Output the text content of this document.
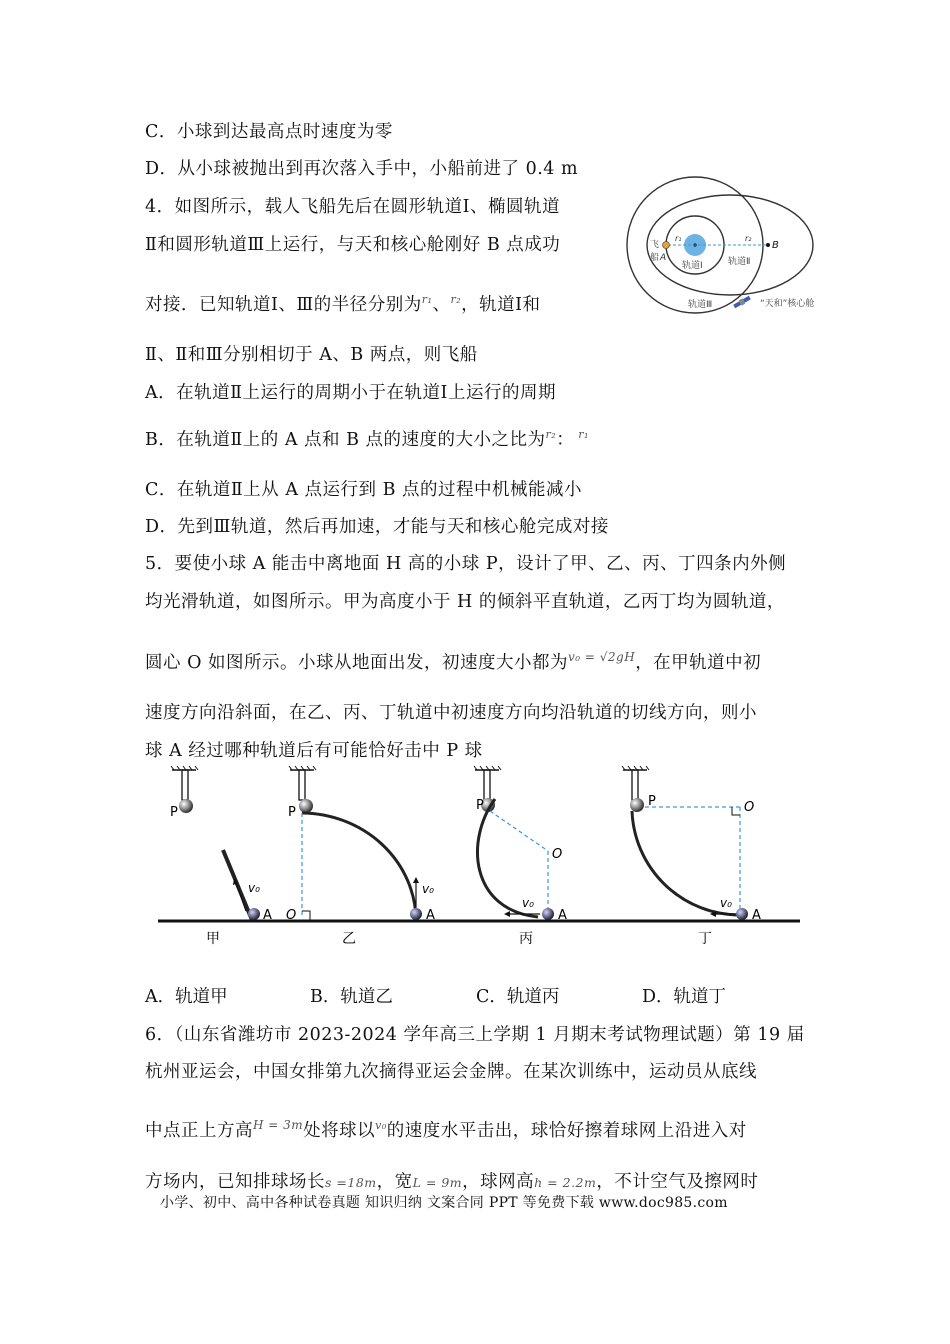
C．小球到达最高点时速度为零
D．从小球被抛出到再次落入手中，小船前进了 0.4 m
4．如图所示，载人飞船先后在圆形轨道Ⅰ、椭圆轨道
Ⅱ和圆形轨道Ⅲ上运行，与天和核心舱刚好 B 点成功
对接．已知轨道Ⅰ、Ⅲ的半径分别为$^{r_1}$、$^{r_2}$，轨道Ⅰ和
Ⅱ、Ⅱ和Ⅲ分别相切于 A、B 两点，则飞船
A．在轨道Ⅱ上运行的周期小于在轨道Ⅰ上运行的周期
B．在轨道Ⅱ上的 A 点和 B 点的速度的大小之比为$^{r_2}$： $^{r_1}$
C．在轨道Ⅱ上从 A 点运行到 B 点的过程中机械能减小
D．先到Ⅲ轨道，然后再加速，才能与天和核心舱完成对接
5．要使小球 A 能击中离地面 H 高的小球 P，设计了甲、乙、丙、丁四条内外侧
均光滑轨道，如图所示。甲为高度小于 H 的倾斜平直轨道，乙丙丁均为圆轨道，
圆心 O 如图所示。小球从地面出发，初速度大小都为$^{v_0 = √2gH}$，在甲轨道中初
速度方向沿斜面，在乙、丙、丁轨道中初速度方向均沿轨道的切线方向，则小
球 A 经过哪种轨道后有可能恰好击中 P 球
A．轨道甲	B．轨道乙	C．轨道丙	D．轨道丁
6．（山东省潍坊市 2023-2024 学年高三上学期 1 月期末考试物理试题）第 19 届
杭州亚运会，中国女排第九次摘得亚运会金牌。在某次训练中，运动员从底线
中点正上方高$^{H = 3m}$处将球以$^{v_0}$的速度水平击出，球恰好擦着球网上沿进入对
方场内，已知排球场长s =18m，宽L = 9m，球网高h = 2.2m，不计空气及擦网时
小学、初中、高中各种试卷真题 知识归纳 文案合同 PPT 等免费下载 www.doc985.com
飞
船 A
B
r₁	r₂
轨道Ⅰ	轨道Ⅱ
轨道Ⅲ	“天和”核心舱
P
v₀
A
甲
P
O
v₀
A
乙
P
O
v₀
A
丙
P	O
v₀
A
丁
